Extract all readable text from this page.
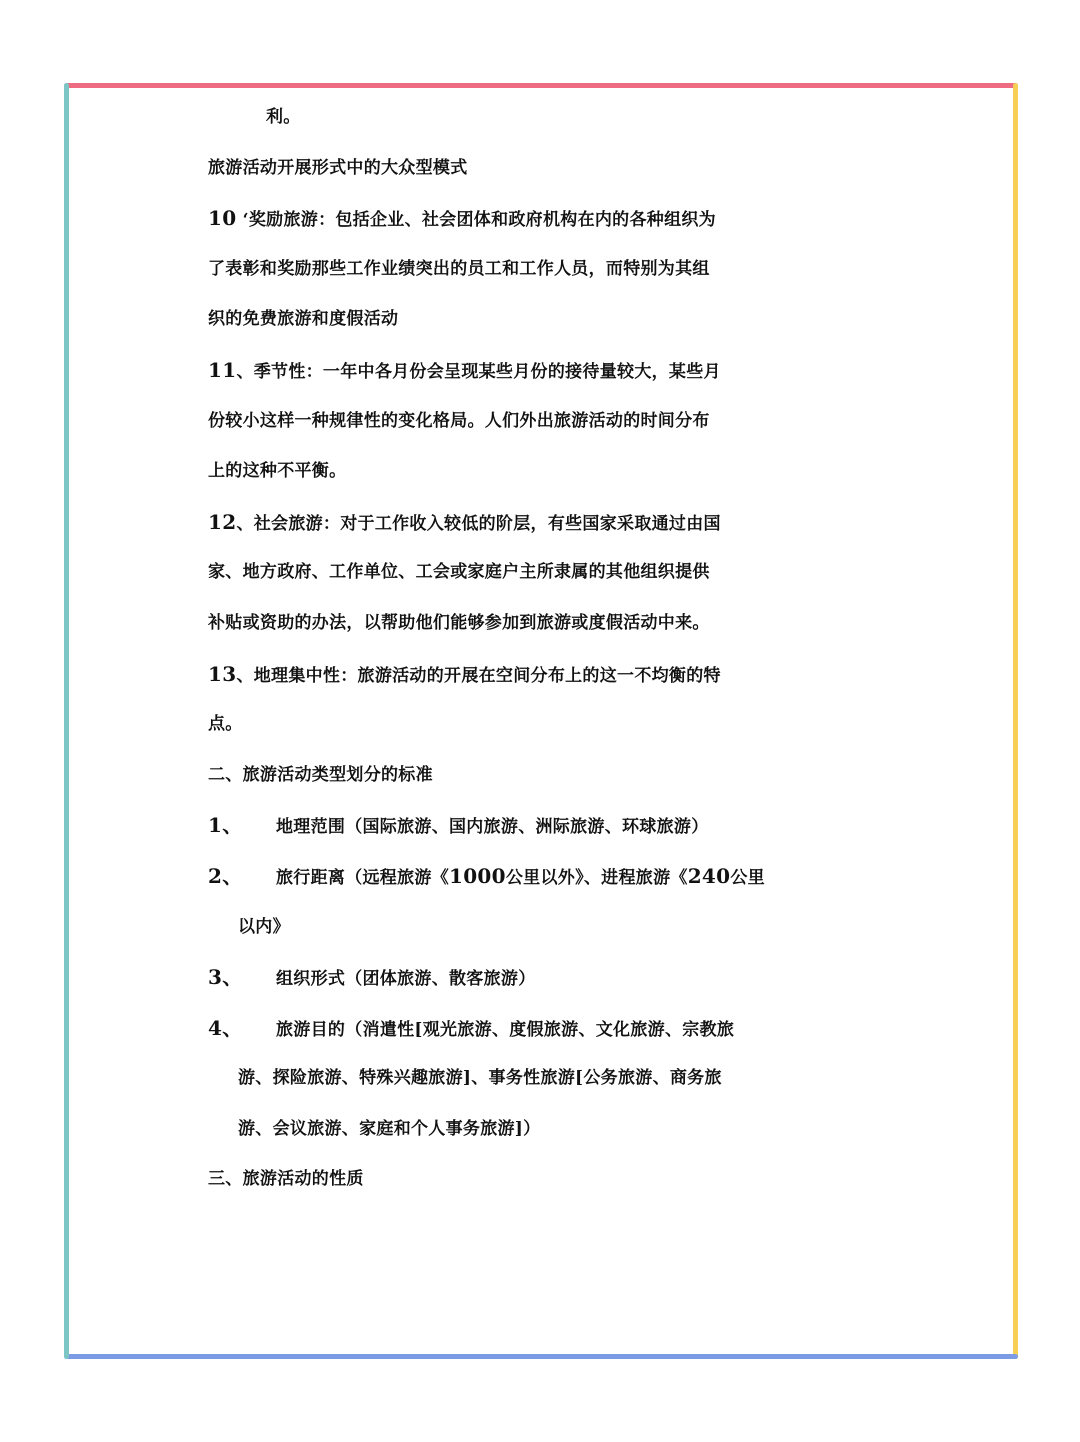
利。
旅游活动开展形式中的大众型模式
10 ‘奖励旅游：包括企业、社会团体和政府机构在内的各种组织为
了表彰和奖励那些工作业绩突出的员工和工作人员，而特别为其组
织的免费旅游和度假活动
11、季节性：一年中各月份会呈现某些月份的接待量较大，某些月
份较小这样一种规律性的变化格局。人们外出旅游活动的时间分布
上的这种不平衡。
12、社会旅游：对于工作收入较低的阶层，有些国家采取通过由国
家、地方政府、工作单位、工会或家庭户主所隶属的其他组织提供
补贴或资助的办法，以帮助他们能够参加到旅游或度假活动中来。
13、地理集中性：旅游活动的开展在空间分布上的这一不均衡的特
点。
二、旅游活动类型划分的标准
1、 地理范围（国际旅游、国内旅游、洲际旅游、环球旅游）
2、 旅行距离（远程旅游《1000公里以外》、进程旅游《240公里
以内》
3、 组织形式（团体旅游、散客旅游）
4、 旅游目的（消遣性[观光旅游、度假旅游、文化旅游、宗教旅
游、探险旅游、特殊兴趣旅游]、事务性旅游[公务旅游、商务旅
游、会议旅游、家庭和个人事务旅游]）
三、旅游活动的性质
